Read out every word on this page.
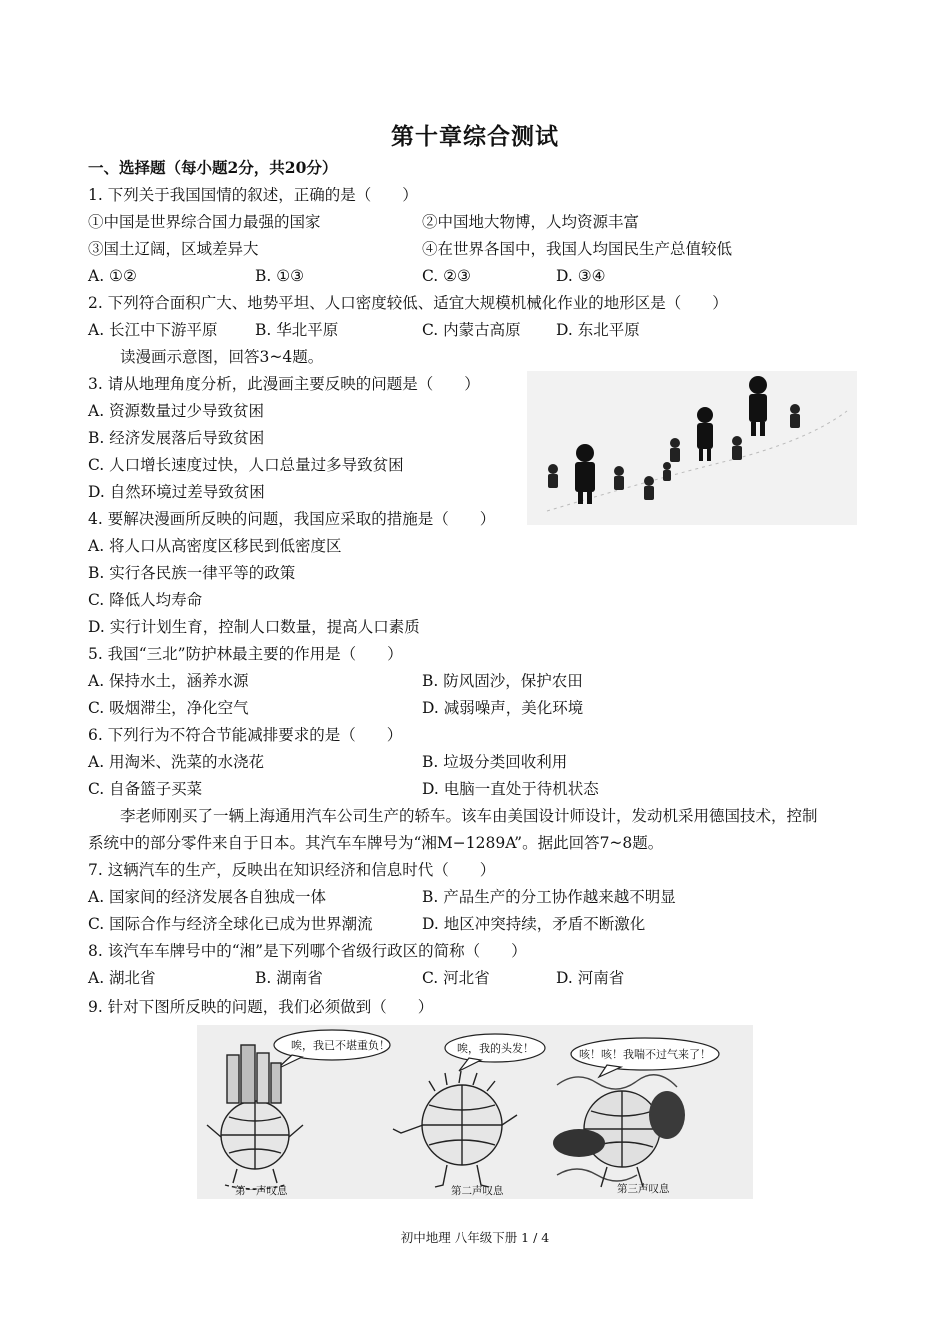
第十章综合测试
一、选择题（每小题2分，共20分）
1. 下列关于我国国情的叙述，正确的是（　　）
①中国是世界综合国力最强的国家	②中国地大物博，人均资源丰富
③国土辽阔，区域差异大	④在世界各国中，我国人均国民生产总值较低
A. ①②	B. ①③	C. ②③	D. ③④
2. 下列符合面积广大、地势平坦、人口密度较低、适宜大规模机械化作业的地形区是（　　）
A. 长江中下游平原 B. 华北平原	C. 内蒙古高原 D. 东北平原
读漫画示意图，回答3~4题。
3. 请从地理角度分析，此漫画主要反映的问题是（　　）
A. 资源数量过少导致贫困
B. 经济发展落后导致贫困
C. 人口增长速度过快，人口总量过多导致贫困
D. 自然环境过差导致贫困
4. 要解决漫画所反映的问题，我国应采取的措施是（　　）
A. 将人口从高密度区移民到低密度区
B. 实行各民族一律平等的政策
C. 降低人均寿命
D. 实行计划生育，控制人口数量，提高人口素质
5. 我国“三北”防护林最主要的作用是（　　）
A. 保持水土，涵养水源	B. 防风固沙，保护农田
C. 吸烟滞尘，净化空气	D. 减弱噪声，美化环境
6. 下列行为不符合节能减排要求的是（　　）
A. 用淘米、洗菜的水浇花	B. 垃圾分类回收利用
C. 自备篮子买菜	D. 电脑一直处于待机状态
李老师刚买了一辆上海通用汽车公司生产的轿车。该车由美国设计师设计，发动机采用德国技术，控制
系统中的部分零件来自于日本。其汽车车牌号为“湘M−1289A”。据此回答7~8题。
7. 这辆汽车的生产，反映出在知识经济和信息时代（　　）
A. 国家间的经济发展各自独成一体	B. 产品生产的分工协作越来越不明显
C. 国际合作与经济全球化已成为世界潮流	D. 地区冲突持续，矛盾不断激化
8. 该汽车车牌号中的“湘”是下列哪个省级行政区的简称（　　）
A. 湖北省	B. 湖南省	C. 河北省	D. 河南省
9. 针对下图所反映的问题，我们必须做到（　　）
唉，我已不堪重负！	唉，我的头发！	咳！咳！我喘不过气来了！
第一声叹息	第二声叹息	第三声叹息
初中地理 八年级下册 1 / 4
